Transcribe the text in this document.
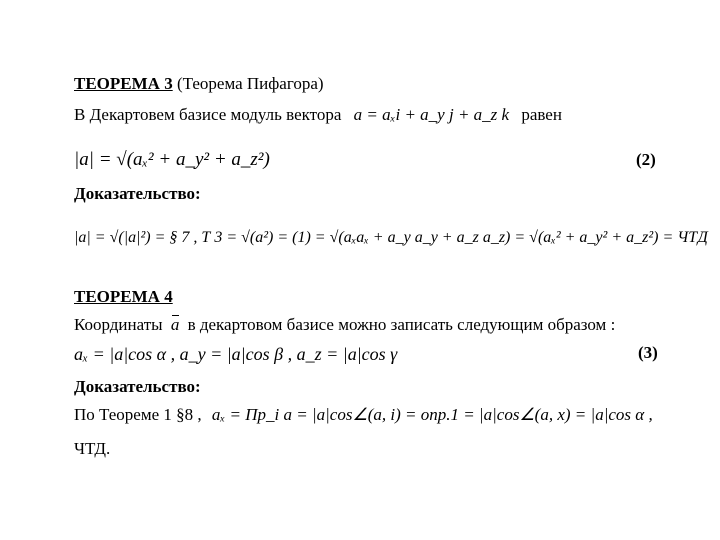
ТЕОРЕМА 3 (Теорема Пифагора)
В Декартовем базисе модуль вектора a = aₓi + a_y j + a_z k равен
|a| = √(aₓ² + a_y² + a_z²)	(2)
Доказательство:
|a| = √(|a|²) = § 7 , Т 3 = √(a²) = (1) = √(aₓaₓ + a_y a_y + a_z a_z) = √(aₓ² + a_y² + a_z²) = ЧТД
ТЕОРЕМА 4
Координаты a в декартовом базисе можно записать следующим образом :
aₓ = |a|cos α , a_y = |a|cos β , a_z = |a|cos γ	(3)
Доказательство:
По Теореме 1 §8 , aₓ = Пр_i a = |a|cos∠(a, i) = опр.1 = |a|cos∠(a, x) = |a|cos α ,
ЧТД.
